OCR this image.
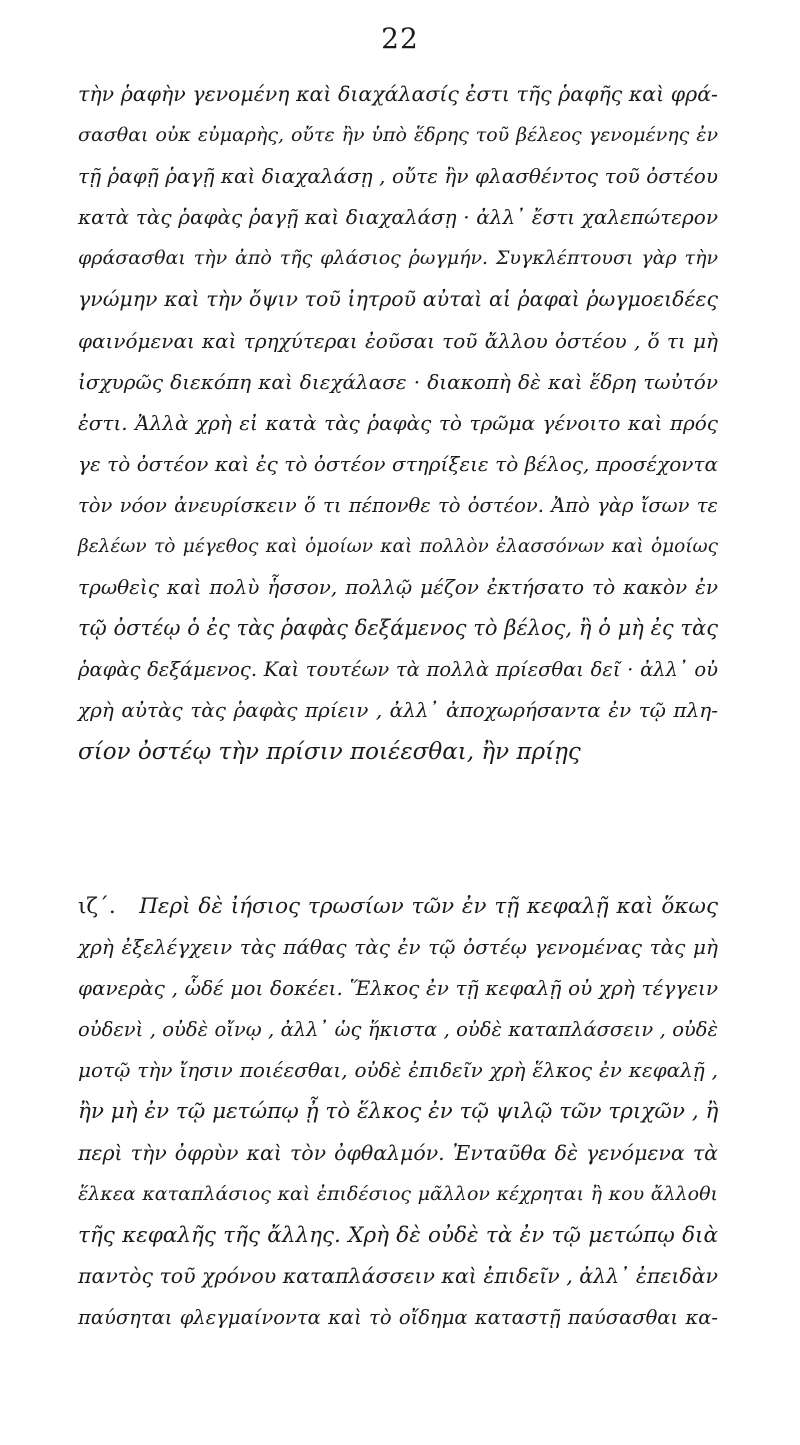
22
τὴν ῥαφὴν γενομένη καὶ διαχάλασίς ἐστι τῆς ῥαφῆς καὶ φρά-
σασθαι οὐκ εὐμαρὴς, οὔτε ἢν ὑπὸ ἕδρης τοῦ βέλεος γενομένης ἐν
τῇ ῥαφῇ ῥαγῇ καὶ διαχαλάσῃ , οὔτε ἢν φλασθέντος τοῦ ὀστέου
κατὰ τὰς ῥαφὰς ῥαγῇ καὶ διαχαλάσῃ · ἀλλ᾽ ἔστι χαλεπώτερον
φράσασθαι τὴν ἀπὸ τῆς φλάσιος ῥωγμήν. Συγκλέπτουσι γὰρ τὴν
γνώμην καὶ τὴν ὄψιν τοῦ ἰητροῦ αὐταὶ αἱ ῥαφαὶ ῥωγμοειδέες
φαινόμεναι καὶ τρηχύτεραι ἐοῦσαι τοῦ ἄλλου ὀστέου , ὅ τι μὴ
ἰσχυρῶς διεκόπη καὶ διεχάλασε · διακοπὴ δὲ καὶ ἕδρη τωὐτόν
ἐστι. Ἀλλὰ χρὴ εἰ κατὰ τὰς ῥαφὰς τὸ τρῶμα γένοιτο καὶ πρός
γε τὸ ὀστέον καὶ ἐς τὸ ὀστέον στηρίξειε τὸ βέλος, προσέχοντα
τὸν νόον ἀνευρίσκειν ὅ τι πέπονθε τὸ ὀστέον. Ἀπὸ γὰρ ἴσων τε
βελέων τὸ μέγεθος καὶ ὁμοίων καὶ πολλὸν ἐλασσόνων καὶ ὁμοίως
τρωθεὶς καὶ πολὺ ἧσσον, πολλῷ μέζον ἐκτήσατο τὸ κακὸν ἐν
τῷ ὀστέῳ ὁ ἐς τὰς ῥαφὰς δεξάμενος τὸ βέλος, ἢ ὁ μὴ ἐς τὰς
ῥαφὰς δεξάμενος. Καὶ τουτέων τὰ πολλὰ πρίεσθαι δεῖ · ἀλλ᾽ οὐ
χρὴ αὐτὰς τὰς ῥαφὰς πρίειν , ἀλλ᾽ ἀποχωρήσαντα ἐν τῷ πλη-
σίον ὀστέῳ τὴν πρίσιν ποιέεσθαι, ἢν πρίῃς
ιζ΄. Περὶ δὲ ἰήσιος τρωσίων τῶν ἐν τῇ κεφαλῇ καὶ ὅκως
χρὴ ἐξελέγχειν τὰς πάθας τὰς ἐν τῷ ὀστέῳ γενομένας τὰς μὴ
φανερὰς , ὧδέ μοι δοκέει. Ἕλκος ἐν τῇ κεφαλῇ οὐ χρὴ τέγγειν
οὐδενὶ , οὐδὲ οἴνῳ , ἀλλ᾽ ὡς ἥκιστα , οὐδὲ καταπλάσσειν , οὐδὲ
μοτῷ τὴν ἴησιν ποιέεσθαι, οὐδὲ ἐπιδεῖν χρὴ ἕλκος ἐν κεφαλῇ ,
ἢν μὴ ἐν τῷ μετώπῳ ᾖ τὸ ἕλκος ἐν τῷ ψιλῷ τῶν τριχῶν , ἢ
περὶ τὴν ὀφρὺν καὶ τὸν ὀφθαλμόν. Ἐνταῦθα δὲ γενόμενα τὰ
ἕλκεα καταπλάσιος καὶ ἐπιδέσιος μᾶλλον κέχρηται ἢ κου ἄλλοθι
τῆς κεφαλῆς τῆς ἄλλης. Χρὴ δὲ οὐδὲ τὰ ἐν τῷ μετώπῳ διὰ
παντὸς τοῦ χρόνου καταπλάσσειν καὶ ἐπιδεῖν , ἀλλ᾽ ἐπειδὰν
παύσηται φλεγμαίνοντα καὶ τὸ οἴδημα καταστῇ παύσασθαι κα-
